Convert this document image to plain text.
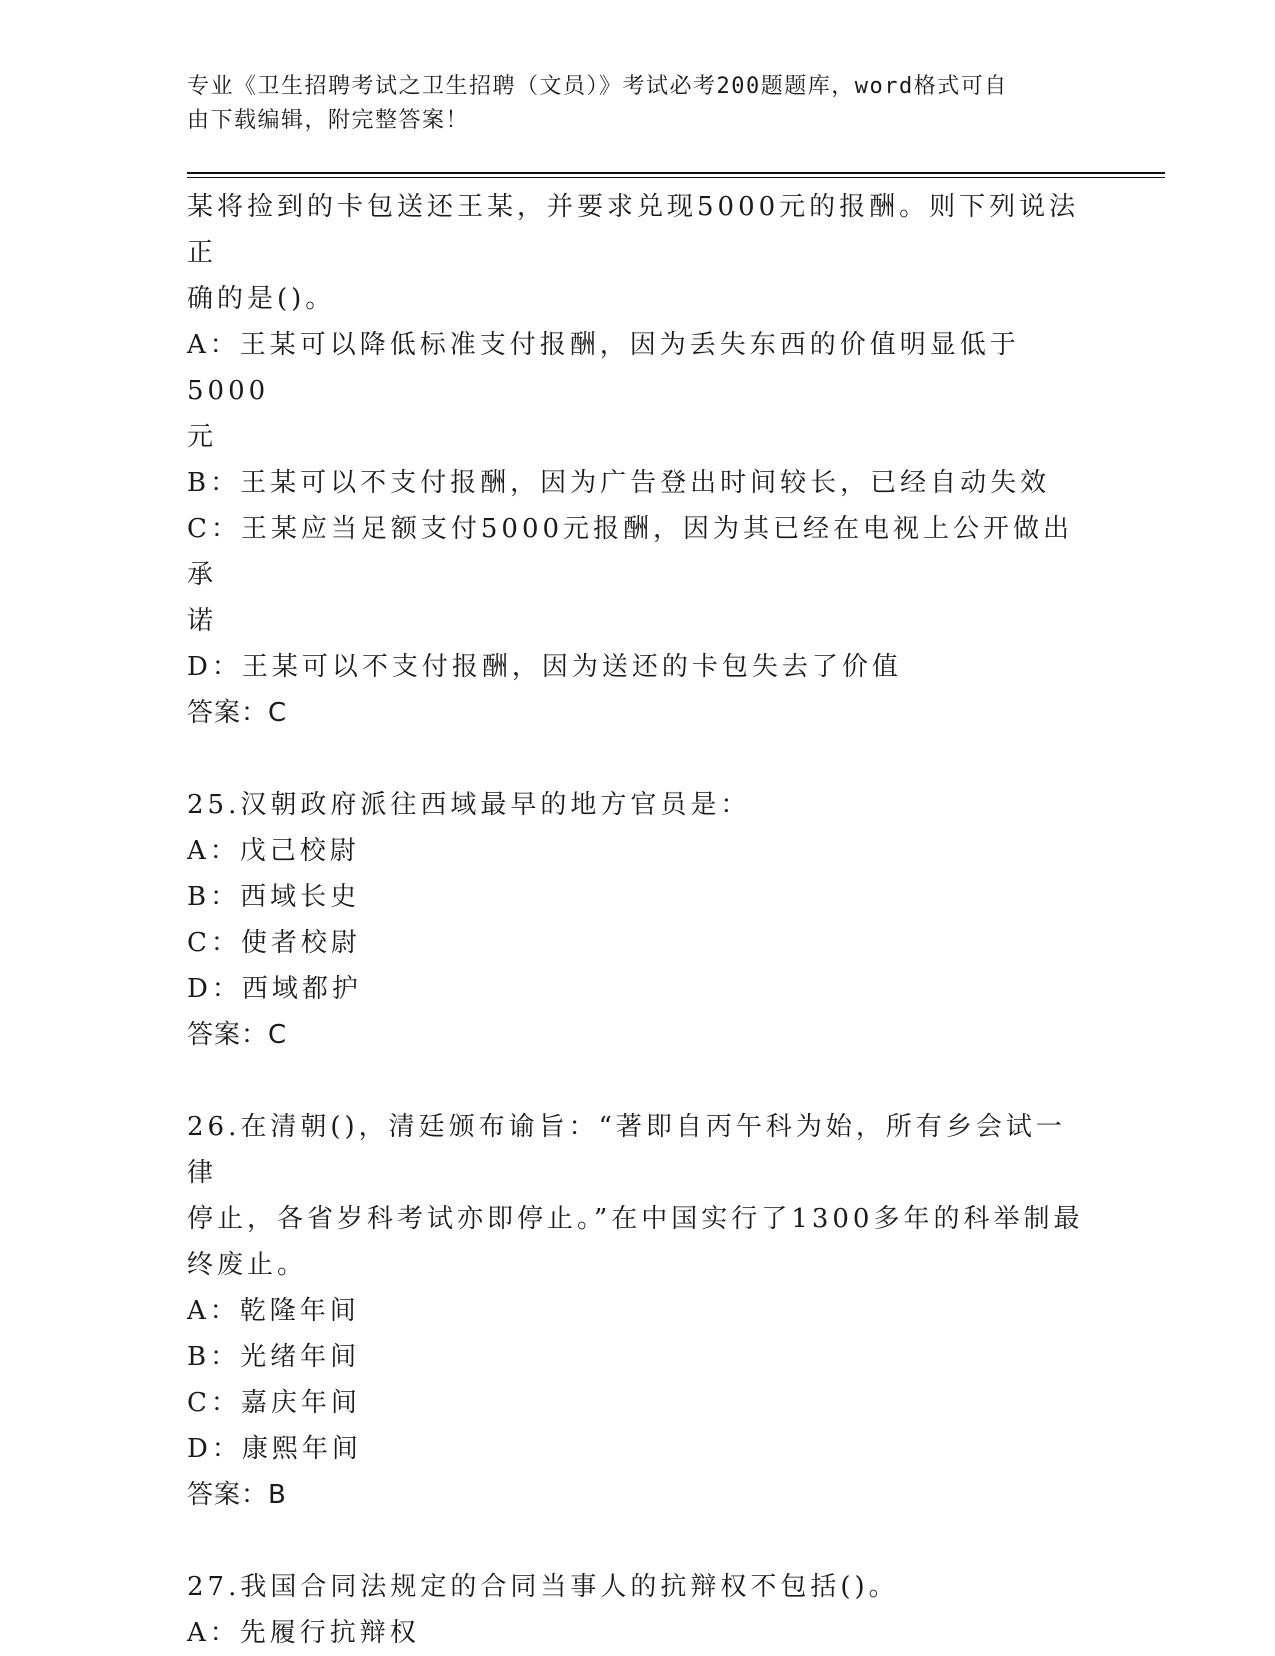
专业《卫生招聘考试之卫生招聘（文员）》考试必考200题题库，word格式可自
由下载编辑，附完整答案！
某将捡到的卡包送还王某，并要求兑现5000元的报酬。则下列说法正
确的是()。
A：王某可以降低标准支付报酬，因为丢失东西的价值明显低于5000
元
B：王某可以不支付报酬，因为广告登出时间较长，已经自动失效
C：王某应当足额支付5000元报酬，因为其已经在电视上公开做出承
诺
D：王某可以不支付报酬，因为送还的卡包失去了价值
答案：C
25.汉朝政府派往西域最早的地方官员是：
A：戊己校尉
B：西域长史
C：使者校尉
D：西域都护
答案：C
26.在清朝()，清廷颁布谕旨：“著即自丙午科为始，所有乡会试一律
停止，各省岁科考试亦即停止。”在中国实行了1300多年的科举制最
终废止。
A：乾隆年间
B：光绪年间
C：嘉庆年间
D：康熙年间
答案：B
27.我国合同法规定的合同当事人的抗辩权不包括()。
A：先履行抗辩权
